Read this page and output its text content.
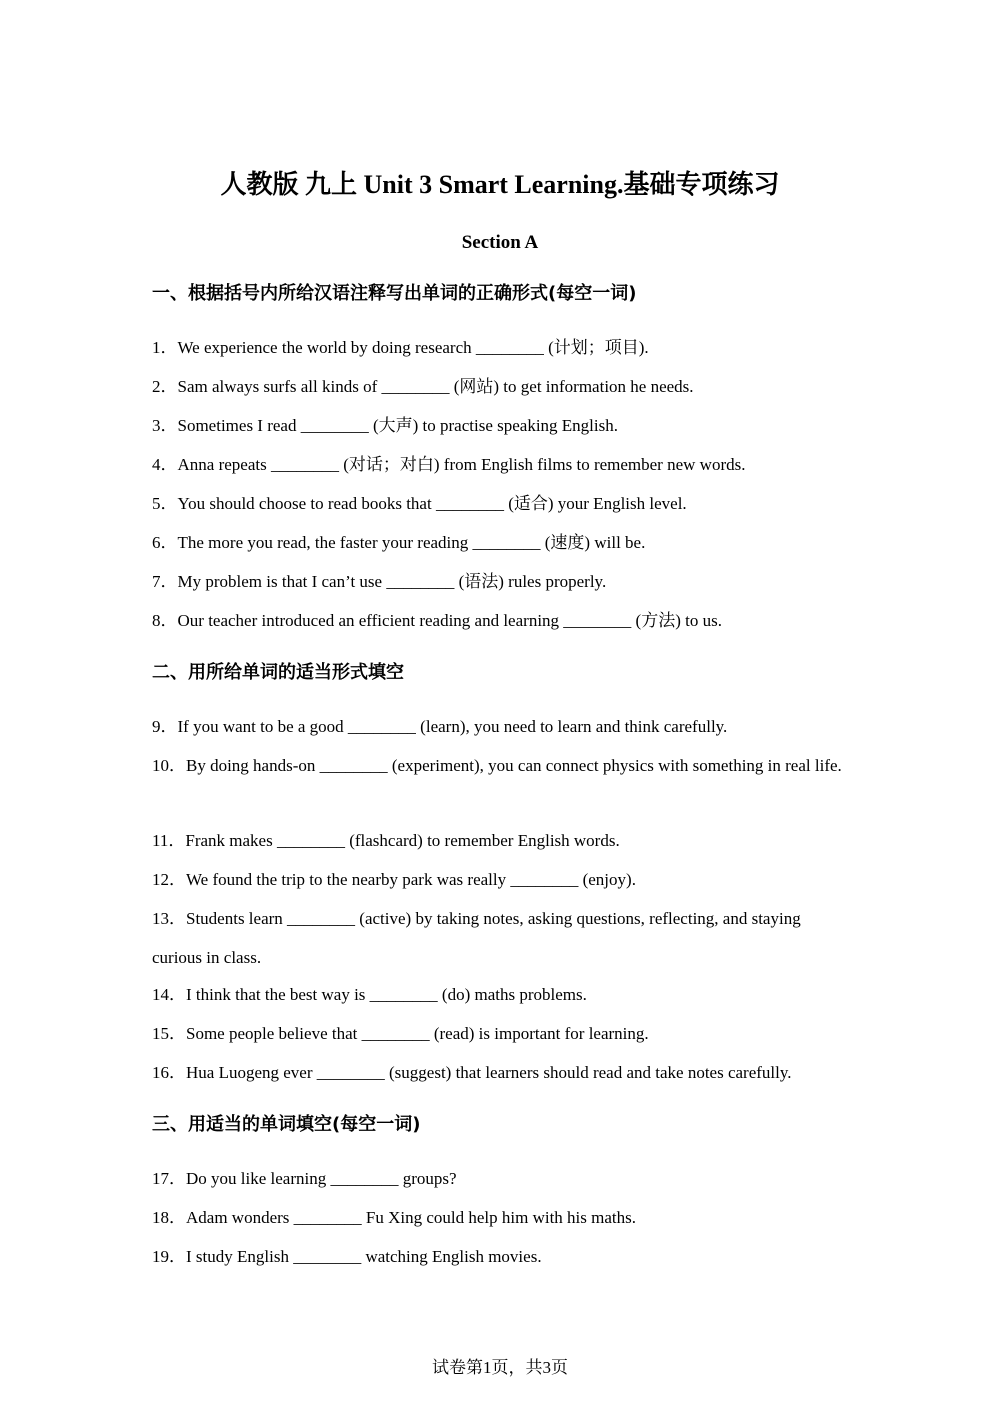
人教版 九上 Unit 3 Smart Learning.基础专项练习
Section A
一、根据括号内所给汉语注释写出单词的正确形式(每空一词)
1．We experience the world by doing research ________ (计划；项目).
2．Sam always surfs all kinds of ________ (网站) to get information he needs.
3．Sometimes I read ________ (大声) to practise speaking English.
4．Anna repeats ________ (对话；对白) from English films to remember new words.
5．You should choose to read books that ________ (适合) your English level.
6．The more you read, the faster your reading ________ (速度) will be.
7．My problem is that I can’t use ________ (语法) rules properly.
8．Our teacher introduced an efficient reading and learning ________ (方法) to us.
二、用所给单词的适当形式填空
9．If you want to be a good ________ (learn), you need to learn and think carefully.
10．By doing hands-on ________ (experiment), you can connect physics with something in real life.
11．Frank makes ________ (flashcard) to remember English words.
12．We found the trip to the nearby park was really ________ (enjoy).
13．Students learn ________ (active) by taking notes, asking questions, reflecting, and staying curious in class.
14．I think that the best way is ________ (do) maths problems.
15．Some people believe that ________ (read) is important for learning.
16．Hua Luogeng ever ________ (suggest) that learners should read and take notes carefully.
三、用适当的单词填空(每空一词)
17．Do you like learning ________ groups?
18．Adam wonders ________ Fu Xing could help him with his maths.
19．I study English ________ watching English movies.
试卷第1页，共3页
